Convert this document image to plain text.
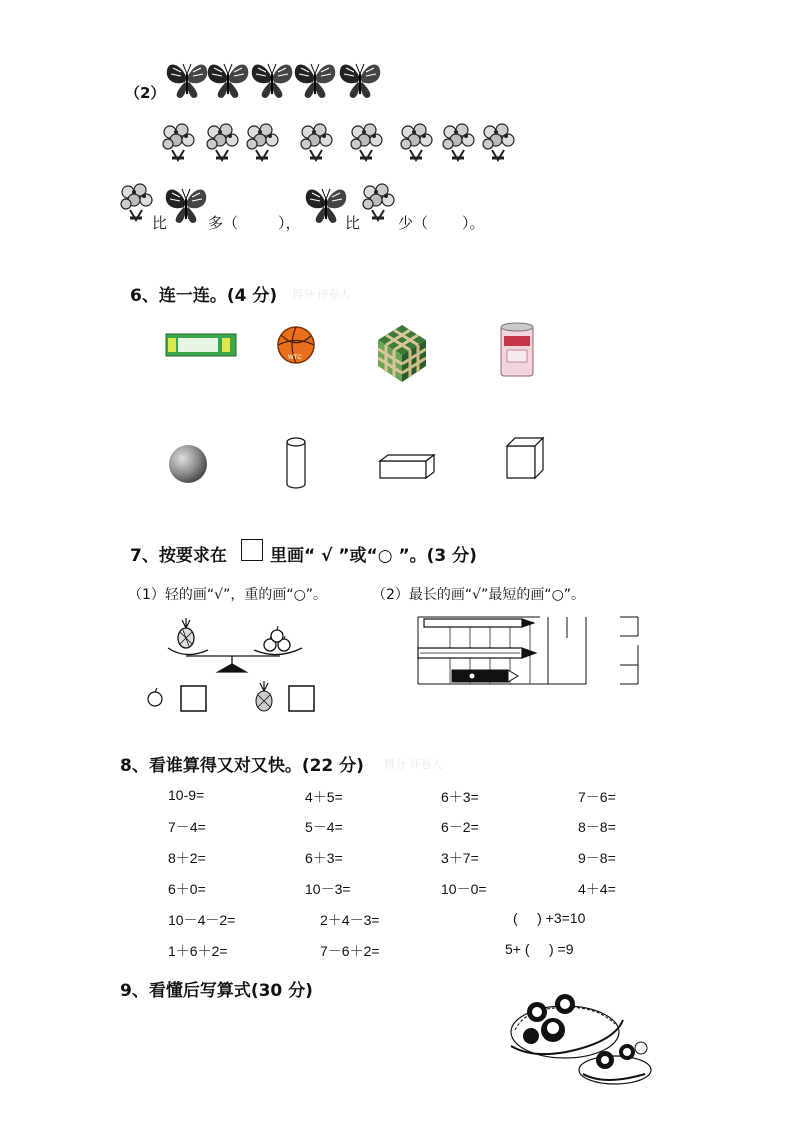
（2）
比	多（	），	比	少（ ）。
6、连一连。(4 分) 得分 评卷人
WTC
7、按要求在	里画“ √ ”或“○ ”。(3 分)
（1）轻的画“√”，重的画“○”。	（2）最长的画“√”最短的画“○”。
8、看谁算得又对又快。(22 分) 得分 评卷人
10-9=	4＋5=	6＋3=	7－6=
7－4=	5－4=	6－2=	8－8=
8＋2=	6＋3=	3＋7=	9－8=
6＋0=	10－3=	10－0=	4＋4=
10－4－2=	2＋4－3=	(     ) +3=10
1＋6＋2=	7－6＋2=	5+ (     ) =9
9、看懂后写算式(30 分)
